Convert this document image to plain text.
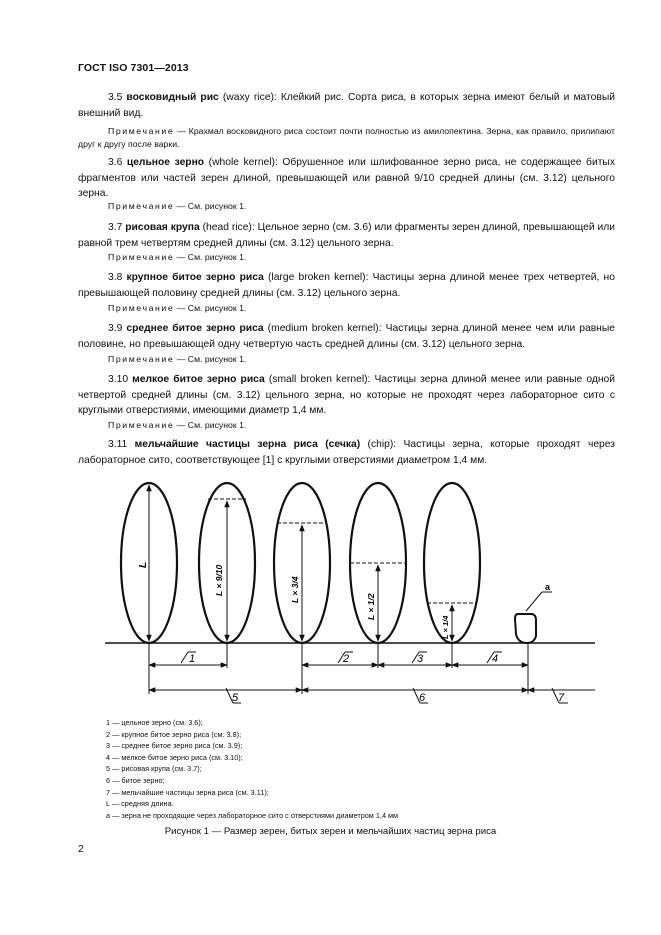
ГОСТ ISO 7301—2013
3.5 восковидный рис (waxy rice): Клейкий рис. Сорта риса, в которых зерна имеют белый и матовый внешний вид.
Примечание — Крахмал восковидного риса состоит почти полностью из амилопектина. Зерна, как правило, прилипают друг к другу после варки.
3.6 цельное зерно (whole kernel): Обрушенное или шлифованное зерно риса, не содержащее битых фрагментов или частей зерен длиной, превышающей или равной 9/10 средней длины (см. 3.12) цельного зерна.
Примечание — См. рисунок 1.
3.7 рисовая крупа (head rice): Цельное зерно (см. 3.6) или фрагменты зерен длиной, превышающей или равной трем четвертям средней длины (см. 3.12) цельного зерна.
Примечание — См. рисунок 1.
3.8 крупное битое зерно риса (large broken kernel): Частицы зерна длиной менее трех четвертей, но превышающей половину средней длины (см. 3.12) цельного зерна.
Примечание — См. рисунок 1.
3.9 среднее битое зерно риса (medium broken kernel): Частицы зерна длиной менее чем или равные половине, но превышающей одну четвертую часть средней длины (см. 3.12) цельного зерна.
Примечание — См. рисунок 1.
3.10 мелкое битое зерно риса (small broken kernel): Частицы зерна длиной менее или равные одной четвертой средней длины (см. 3.12) цельного зерна, но которые не проходят через лабораторное сито с круглыми отверстиями, имеющими диаметр 1,4 мм.
Примечание — См. рисунок 1.
3.11 мельчайшие частицы зерна риса (сечка) (chip): Частицы зерна, которые проходят через лабораторное сито, соответствующее [1] с круглыми отверстиями диаметром 1,4 мм.
L	L × 9/10	L × 3/4
L × 1/2
L × 1/4
a
1	2	3	4
5	6	7
1 — цельное зерно (см. 3.6);
2 — крупное битое зерно риса (см. 3.8);
3 — среднее битое зерно риса (см. 3.9);
4 — мелкое битое зерно риса (см. 3.10);
5 — рисовая крупа (см. 3.7);
6 — битое зерно;
7 — мельчайшие частицы зерна риса (см. 3.11);
L — средняя длина.
a — зерна не проходящие через лабораторное сито с отверстиями диаметром 1,4 мм
Рисунок 1 — Размер зерен, битых зерен и мельчайших частиц зерна риса
2
